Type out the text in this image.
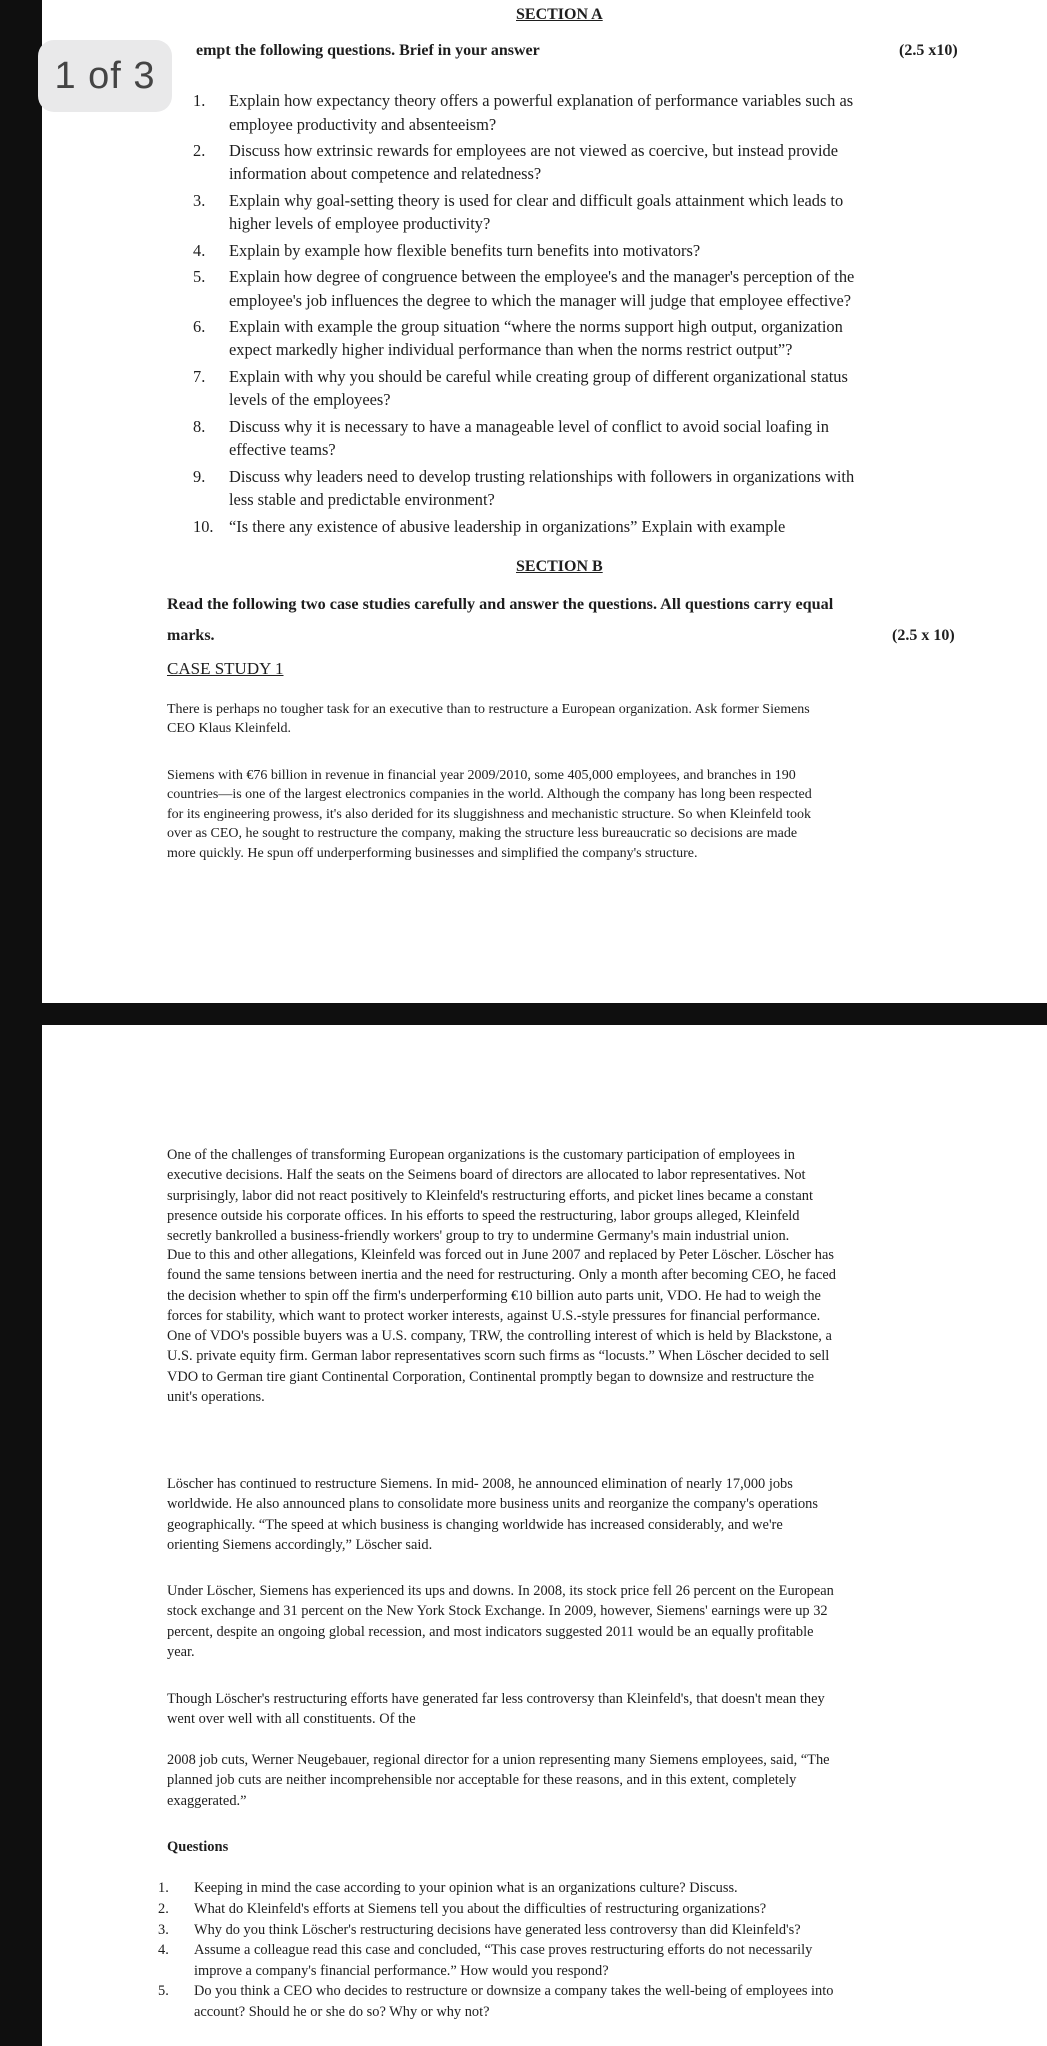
SECTION A
empt the following questions. Brief in your answer	(2.5 x10)
1. Explain how expectancy theory offers a powerful explanation of performance variables such as
employee productivity and absenteeism?
2. Discuss how extrinsic rewards for employees are not viewed as coercive, but instead provide
information about competence and relatedness?
3. Explain why goal-setting theory is used for clear and difficult goals attainment which leads to
higher levels of employee productivity?
4. Explain by example how flexible benefits turn benefits into motivators?
5. Explain how degree of congruence between the employee's and the manager's perception of the
employee's job influences the degree to which the manager will judge that employee effective?
6. Explain with example the group situation “where the norms support high output, organization
expect markedly higher individual performance than when the norms restrict output”?
7. Explain with why you should be careful while creating group of different organizational status
levels of the employees?
8. Discuss why it is necessary to have a manageable level of conflict to avoid social loafing in
effective teams?
9. Discuss why leaders need to develop trusting relationships with followers in organizations with
less stable and predictable environment?
10. “Is there any existence of abusive leadership in organizations” Explain with example
SECTION B
Read the following two case studies carefully and answer the questions. All questions carry equal
marks.	(2.5 x 10)
CASE STUDY 1
There is perhaps no tougher task for an executive than to restructure a European organization. Ask former Siemens
CEO Klaus Kleinfeld.
Siemens with €76 billion in revenue in financial year 2009/2010, some 405,000 employees, and branches in 190
countries—is one of the largest electronics companies in the world. Although the company has long been respected
for its engineering prowess, it's also derided for its sluggishness and mechanistic structure. So when Kleinfeld took
over as CEO, he sought to restructure the company, making the structure less bureaucratic so decisions are made
more quickly. He spun off underperforming businesses and simplified the company's structure.
One of the challenges of transforming European organizations is the customary participation of employees in
executive decisions. Half the seats on the Seimens board of directors are allocated to labor representatives. Not
surprisingly, labor did not react positively to Kleinfeld's restructuring efforts, and picket lines became a constant
presence outside his corporate offices. In his efforts to speed the restructuring, labor groups alleged, Kleinfeld
secretly bankrolled a business-friendly workers' group to try to undermine Germany's main industrial union.
Due to this and other allegations, Kleinfeld was forced out in June 2007 and replaced by Peter Löscher. Löscher has
found the same tensions between inertia and the need for restructuring. Only a month after becoming CEO, he faced
the decision whether to spin off the firm's underperforming €10 billion auto parts unit, VDO. He had to weigh the
forces for stability, which want to protect worker interests, against U.S.-style pressures for financial performance.
One of VDO's possible buyers was a U.S. company, TRW, the controlling interest of which is held by Blackstone, a
U.S. private equity firm. German labor representatives scorn such firms as “locusts.” When Löscher decided to sell
VDO to German tire giant Continental Corporation, Continental promptly began to downsize and restructure the
unit's operations.
Löscher has continued to restructure Siemens. In mid- 2008, he announced elimination of nearly 17,000 jobs
worldwide. He also announced plans to consolidate more business units and reorganize the company's operations
geographically. “The speed at which business is changing worldwide has increased considerably, and we're
orienting Siemens accordingly,” Löscher said.
Under Löscher, Siemens has experienced its ups and downs. In 2008, its stock price fell 26 percent on the European
stock exchange and 31 percent on the New York Stock Exchange. In 2009, however, Siemens' earnings were up 32
percent, despite an ongoing global recession, and most indicators suggested 2011 would be an equally profitable
year.
Though Löscher's restructuring efforts have generated far less controversy than Kleinfeld's, that doesn't mean they
went over well with all constituents. Of the
2008 job cuts, Werner Neugebauer, regional director for a union representing many Siemens employees, said, “The
planned job cuts are neither incomprehensible nor acceptable for these reasons, and in this extent, completely
exaggerated.”
Questions
1. Keeping in mind the case according to your opinion what is an organizations culture? Discuss.
2. What do Kleinfeld's efforts at Siemens tell you about the difficulties of restructuring organizations?
3. Why do you think Löscher's restructuring decisions have generated less controversy than did Kleinfeld's?
4. Assume a colleague read this case and concluded, “This case proves restructuring efforts do not necessarily
improve a company's financial performance.” How would you respond?
5. Do you think a CEO who decides to restructure or downsize a company takes the well-being of employees into
account? Should he or she do so? Why or why not?
1 of 3
